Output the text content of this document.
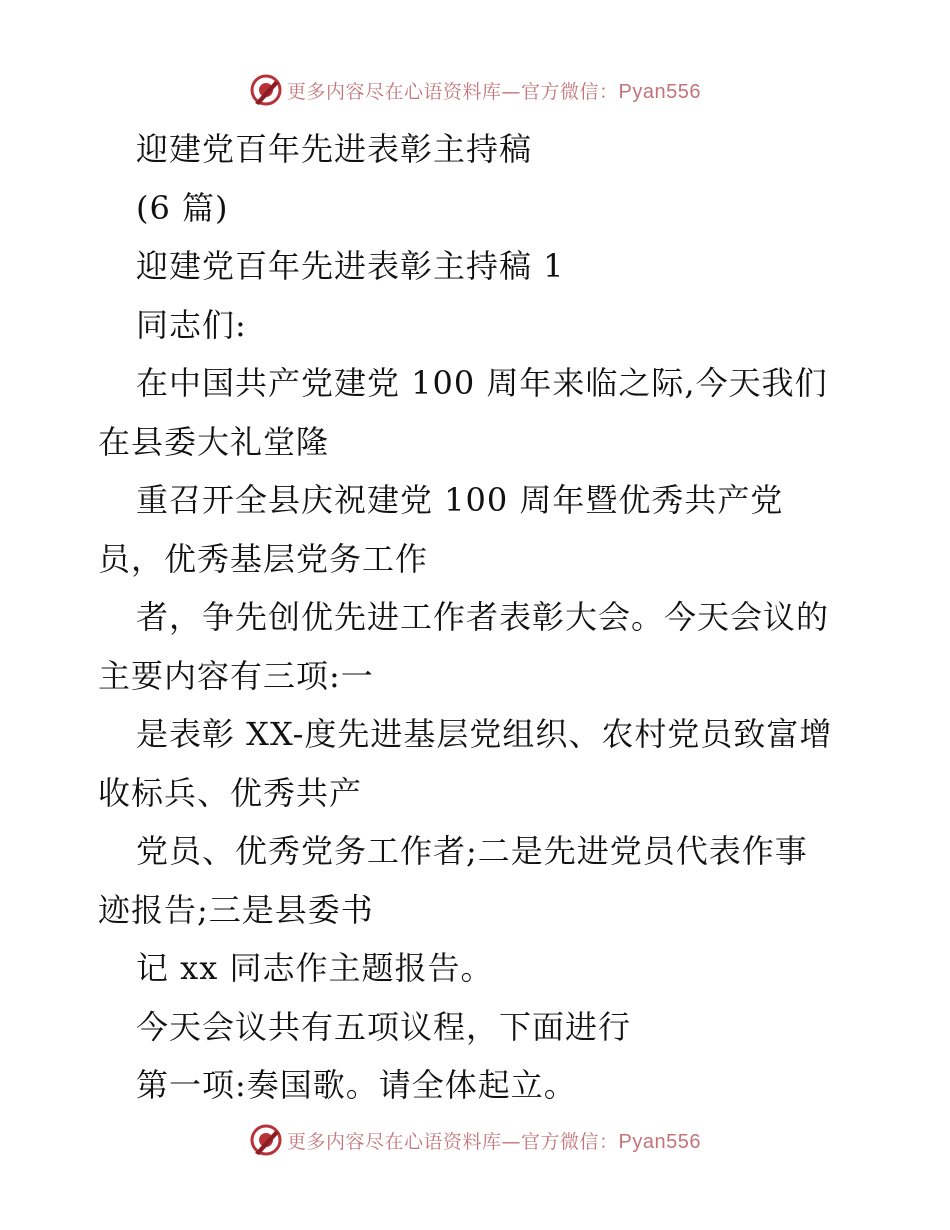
更多内容尽在心语资料库—官方微信：Pyan556
迎建党百年先进表彰主持稿
(6 篇)
迎建党百年先进表彰主持稿 1
同志们:
在中国共产党建党 100 周年来临之际,今天我们
在县委大礼堂隆
重召开全县庆祝建党 100 周年暨优秀共产党
员，优秀基层党务工作
者，争先创优先进工作者表彰大会。今天会议的
主要内容有三项:一
是表彰 XX-度先进基层党组织、农村党员致富增
收标兵、优秀共产
党员、优秀党务工作者;二是先进党员代表作事
迹报告;三是县委书
记 xx 同志作主题报告。
今天会议共有五项议程，下面进行
第一项:奏国歌。请全体起立。
更多内容尽在心语资料库—官方微信：Pyan556
